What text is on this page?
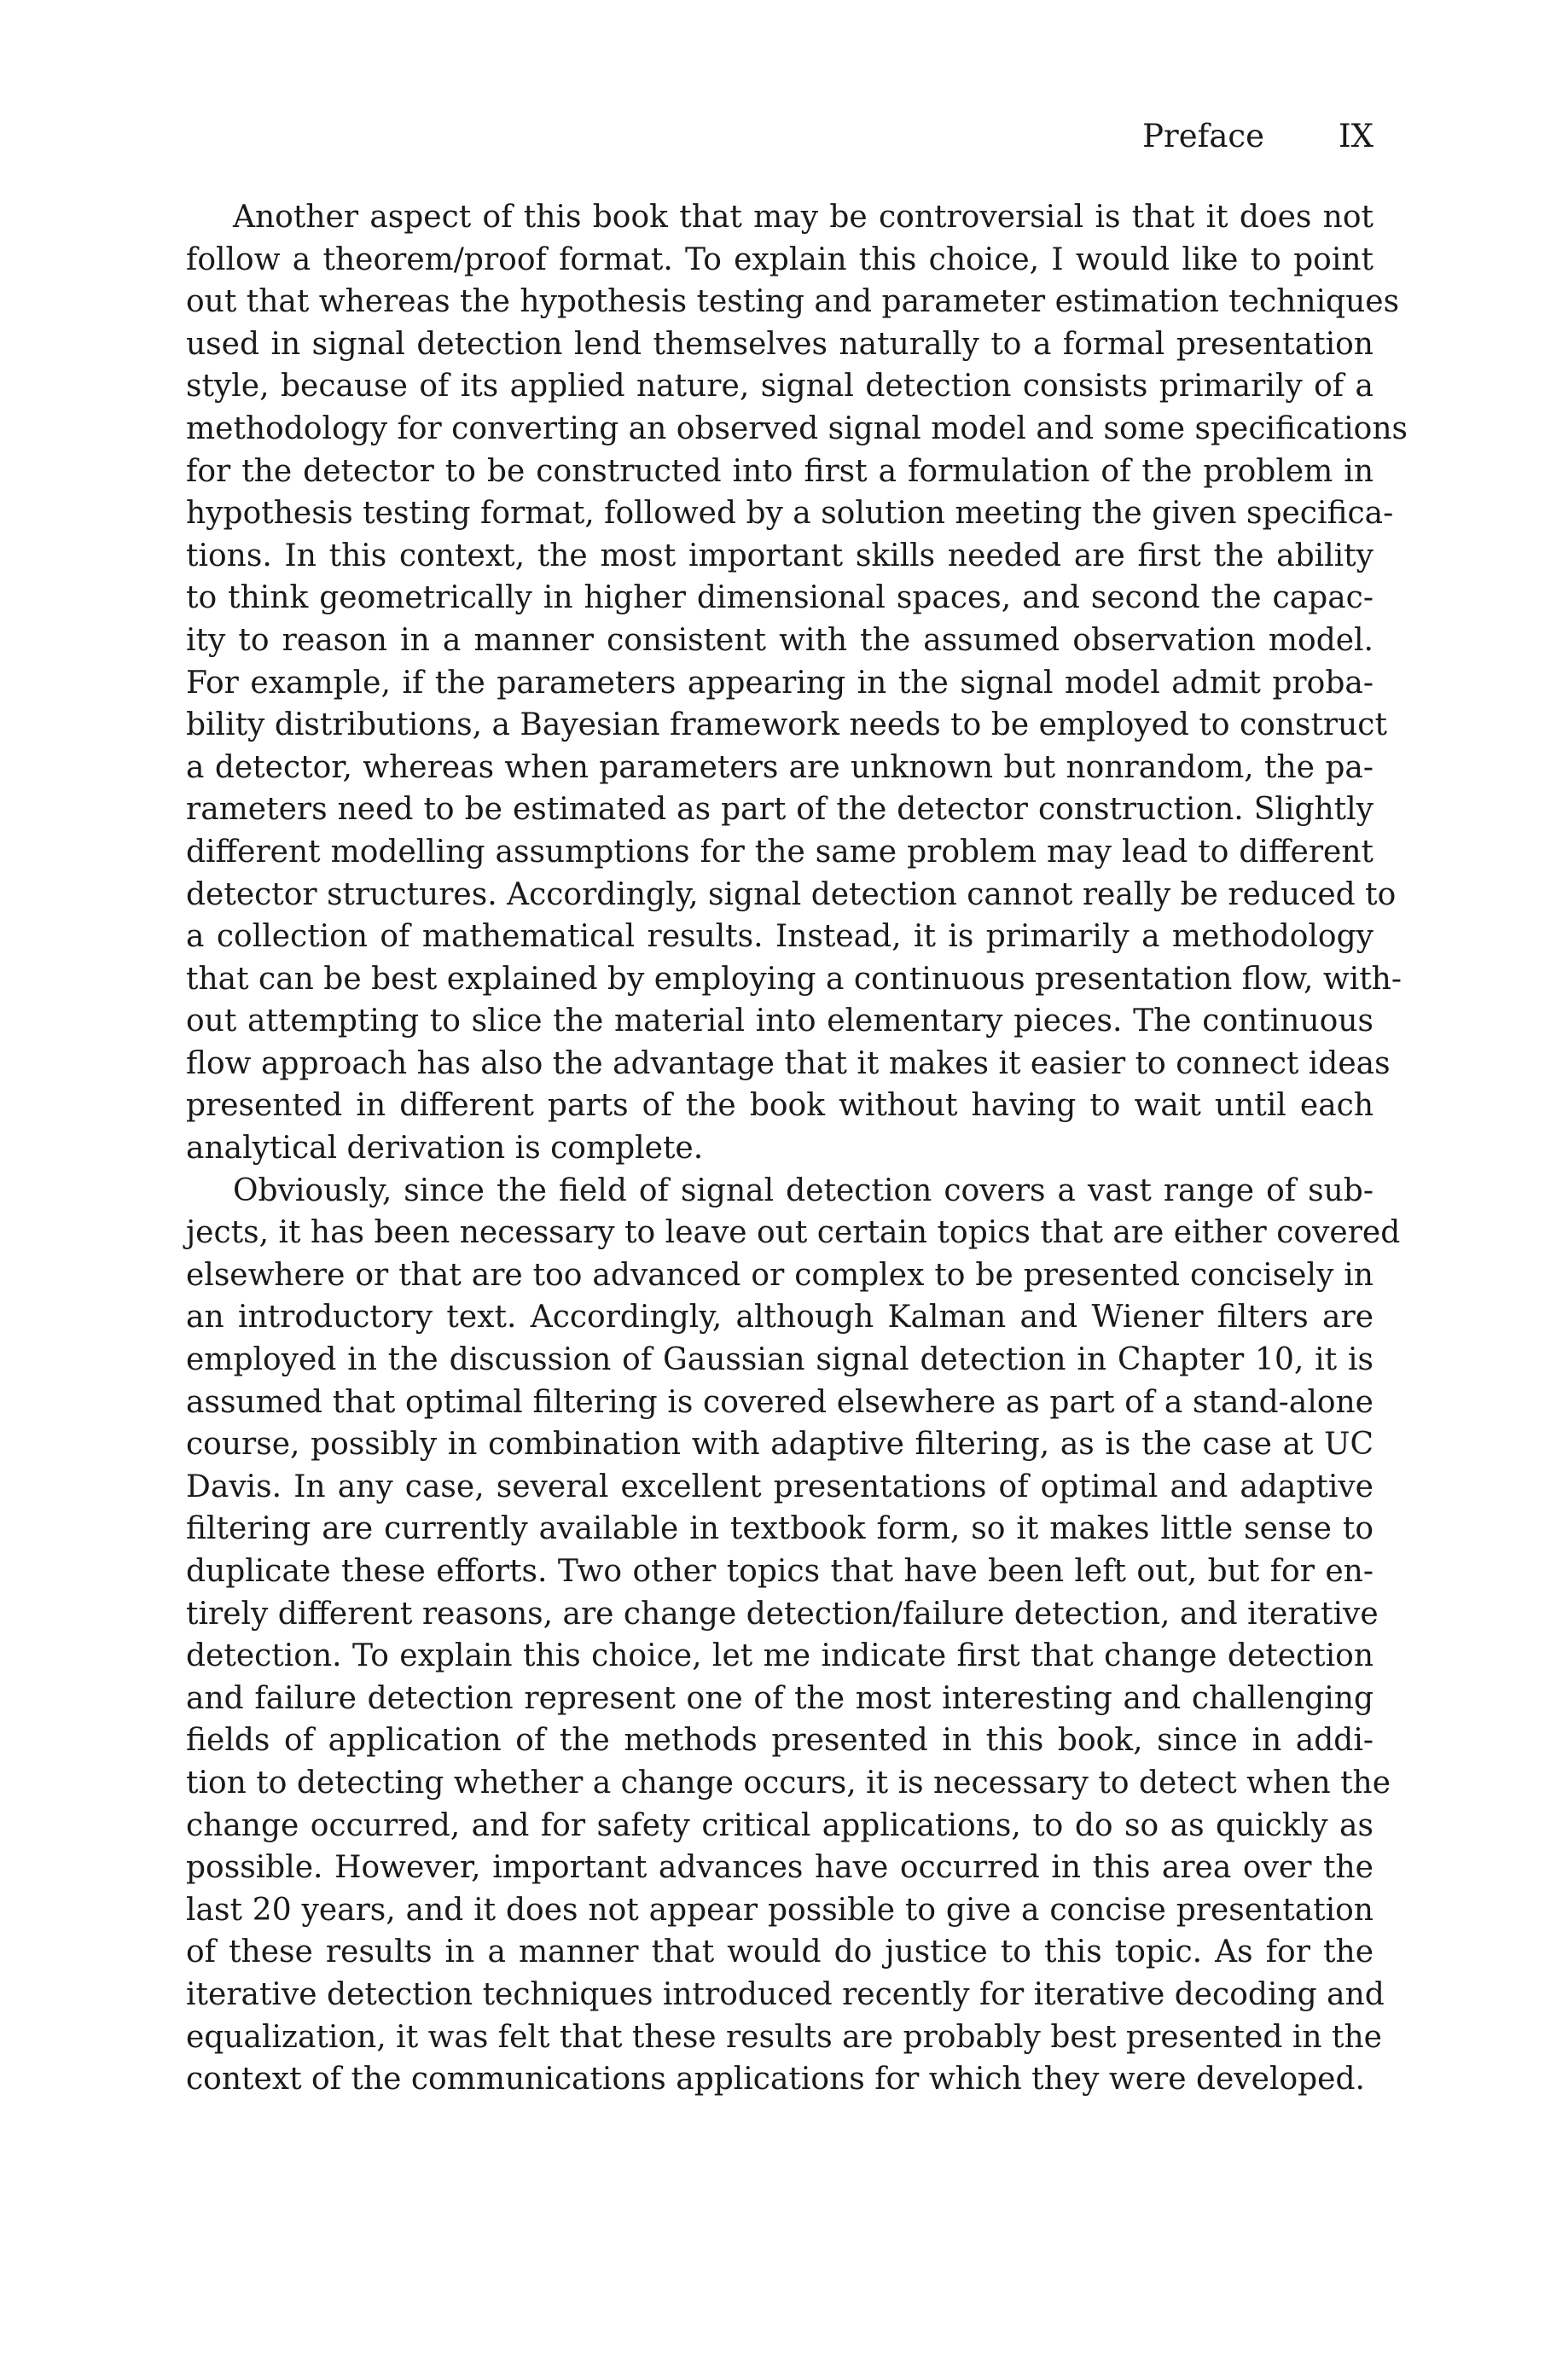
Preface IX
Another aspect of this book that may be controversial is that it does not
follow a theorem/proof format. To explain this choice, I would like to point
out that whereas the hypothesis testing and parameter estimation techniques
used in signal detection lend themselves naturally to a formal presentation
style, because of its applied nature, signal detection consists primarily of a
methodology for converting an observed signal model and some specifications
for the detector to be constructed into first a formulation of the problem in
hypothesis testing format, followed by a solution meeting the given specifica-
tions. In this context, the most important skills needed are first the ability
to think geometrically in higher dimensional spaces, and second the capac-
ity to reason in a manner consistent with the assumed observation model.
For example, if the parameters appearing in the signal model admit proba-
bility distributions, a Bayesian framework needs to be employed to construct
a detector, whereas when parameters are unknown but nonrandom, the pa-
rameters need to be estimated as part of the detector construction. Slightly
different modelling assumptions for the same problem may lead to different
detector structures. Accordingly, signal detection cannot really be reduced to
a collection of mathematical results. Instead, it is primarily a methodology
that can be best explained by employing a continuous presentation flow, with-
out attempting to slice the material into elementary pieces. The continuous
flow approach has also the advantage that it makes it easier to connect ideas
presented in different parts of the book without having to wait until each
analytical derivation is complete.
Obviously, since the field of signal detection covers a vast range of sub-
jects, it has been necessary to leave out certain topics that are either covered
elsewhere or that are too advanced or complex to be presented concisely in
an introductory text. Accordingly, although Kalman and Wiener filters are
employed in the discussion of Gaussian signal detection in Chapter 10, it is
assumed that optimal filtering is covered elsewhere as part of a stand-alone
course, possibly in combination with adaptive filtering, as is the case at UC
Davis. In any case, several excellent presentations of optimal and adaptive
filtering are currently available in textbook form, so it makes little sense to
duplicate these efforts. Two other topics that have been left out, but for en-
tirely different reasons, are change detection/failure detection, and iterative
detection. To explain this choice, let me indicate first that change detection
and failure detection represent one of the most interesting and challenging
fields of application of the methods presented in this book, since in addi-
tion to detecting whether a change occurs, it is necessary to detect when the
change occurred, and for safety critical applications, to do so as quickly as
possible. However, important advances have occurred in this area over the
last 20 years, and it does not appear possible to give a concise presentation
of these results in a manner that would do justice to this topic. As for the
iterative detection techniques introduced recently for iterative decoding and
equalization, it was felt that these results are probably best presented in the
context of the communications applications for which they were developed.
